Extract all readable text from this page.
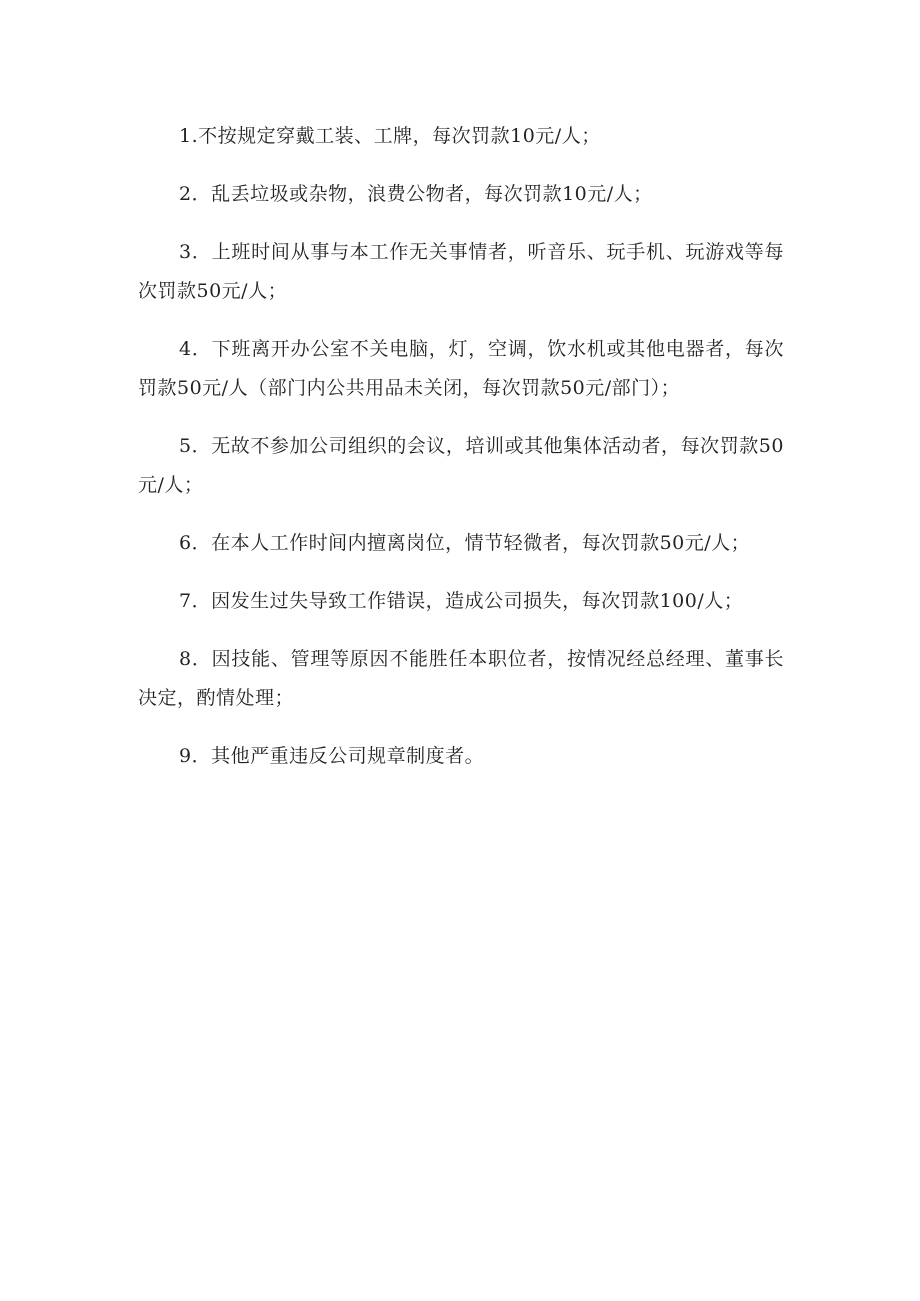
1.不按规定穿戴工装、工牌，每次罚款10元/人；

2．乱丢垃圾或杂物，浪费公物者，每次罚款10元/人；

3．上班时间从事与本工作无关事情者，听音乐、玩手机、玩游戏等每次罚款50元/人；

4．下班离开办公室不关电脑，灯，空调，饮水机或其他电器者，每次罚款50元/人（部门内公共用品未关闭，每次罚款50元/部门）；

5．无故不参加公司组织的会议，培训或其他集体活动者，每次罚款50元/人；

6．在本人工作时间内擅离岗位，情节轻微者，每次罚款50元/人；

7．因发生过失导致工作错误，造成公司损失，每次罚款100/人；

8．因技能、管理等原因不能胜任本职位者，按情况经总经理、董事长决定，酌情处理；

9．其他严重违反公司规章制度者。
